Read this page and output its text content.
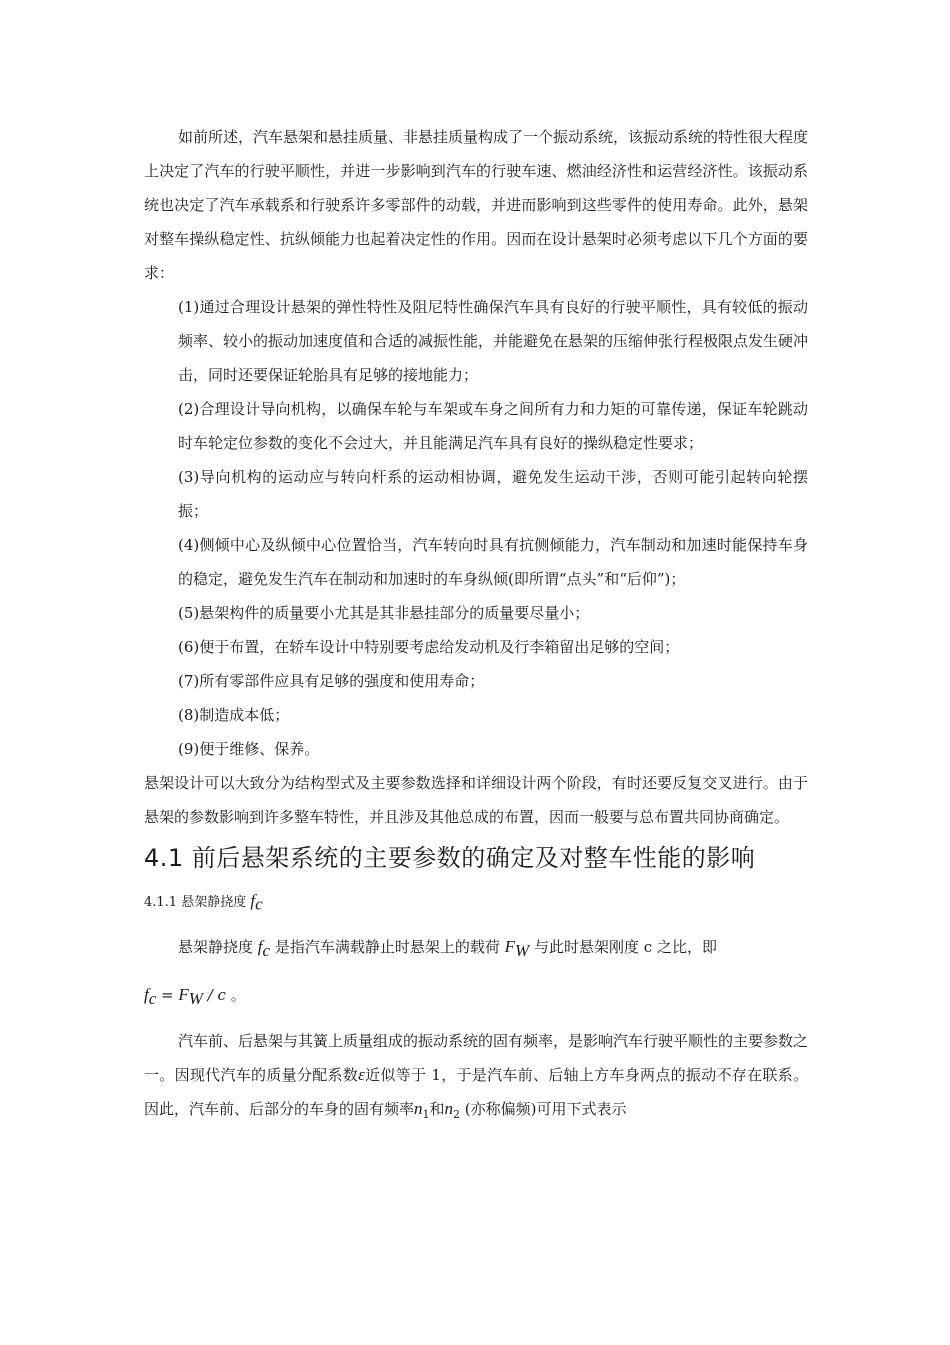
如前所述，汽车悬架和悬挂质量、非悬挂质量构成了一个振动系统，该振动系统的特性很大程度上决定了汽车的行驶平顺性，并进一步影响到汽车的行驶车速、燃油经济性和运营经济性。该振动系统也决定了汽车承载系和行驶系许多零部件的动载，并进而影响到这些零件的使用寿命。此外，悬架对整车操纵稳定性、抗纵倾能力也起着决定性的作用。因而在设计悬架时必须考虑以下几个方面的要求：

(1)通过合理设计悬架的弹性特性及阻尼特性确保汽车具有良好的行驶平顺性，具有较低的振动频率、较小的振动加速度值和合适的减振性能，并能避免在悬架的压缩伸张行程极限点发生硬冲击，同时还要保证轮胎具有足够的接地能力；

(2)合理设计导向机构，以确保车轮与车架或车身之间所有力和力矩的可靠传递，保证车轮跳动时车轮定位参数的变化不会过大，并且能满足汽车具有良好的操纵稳定性要求；

(3)导向机构的运动应与转向杆系的运动相协调，避免发生运动干涉，否则可能引起转向轮摆振；

(4)侧倾中心及纵倾中心位置恰当，汽车转向时具有抗侧倾能力，汽车制动和加速时能保持车身的稳定，避免发生汽车在制动和加速时的车身纵倾(即所谓“点头”和“后仰”)；

(5)悬架构件的质量要小尤其是其非悬挂部分的质量要尽量小；

(6)便于布置，在轿车设计中特别要考虑给发动机及行李箱留出足够的空间；

(7)所有零部件应具有足够的强度和使用寿命；

(8)制造成本低；

(9)便于维修、保养。

悬架设计可以大致分为结构型式及主要参数选择和详细设计两个阶段，有时还要反复交叉进行。由于悬架的参数影响到许多整车特性，并且涉及其他总成的布置，因而一般要与总布置共同协商确定。

4.1 前后悬架系统的主要参数的确定及对整车性能的影响

4.1.1 悬架静挠度 $f_c$

悬架静挠度 $f_c$ 是指汽车满载静止时悬架上的载荷 $F_W$ 与此时悬架刚度 c 之比，即

$f_c = F_W / c$ 。

汽车前、后悬架与其簧上质量组成的振动系统的固有频率，是影响汽车行驶平顺性的主要参数之一。因现代汽车的质量分配系数ε近似等于 1，于是汽车前、后轴上方车身两点的振动不存在联系。因此，汽车前、后部分的车身的固有频率$n_1$和$n_2$ (亦称偏频)可用下式表示
